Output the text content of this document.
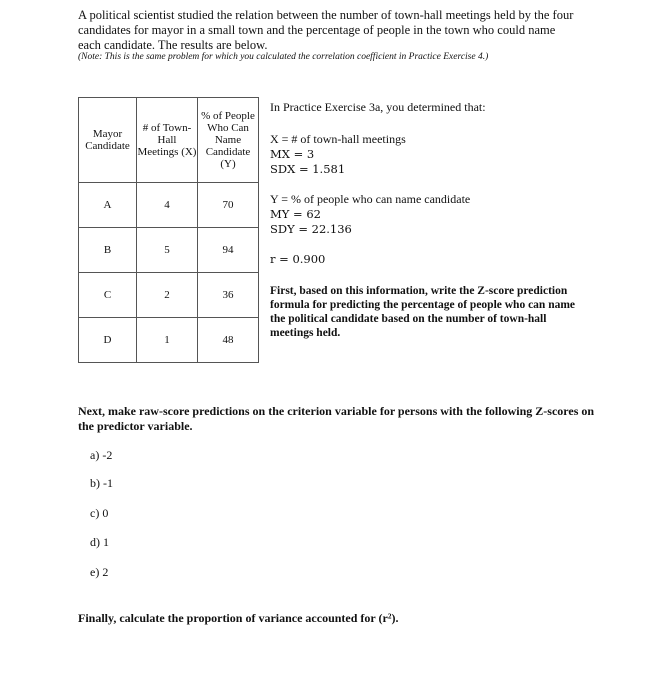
A political scientist studied the relation between the number of town-hall meetings held by the four candidates for mayor in a small town and the percentage of people in the town who could name each candidate. The results are below.
(Note: This is the same problem for which you calculated the correlation coefficient in Practice Exercise 4.)
Mayor Candidate	# of Town-Hall Meetings (X)	% of People Who Can Name Candidate (Y)
A	4	70
B	5	94
C	2	36
D	1	48
In Practice Exercise 3a, you determined that:
X = # of town-hall meetings
MX = 3
SDX = 1.581
Y = % of people who can name candidate
MY = 62
SDY = 22.136
r = 0.900
First, based on this information, write the Z-score prediction formula for predicting the percentage of people who can name the political candidate based on the number of town-hall meetings held.
Next, make raw-score predictions on the criterion variable for persons with the following Z-scores on the predictor variable.
a) -2
b) -1
c) 0
d) 1
e) 2
Finally, calculate the proportion of variance accounted for (r²).
